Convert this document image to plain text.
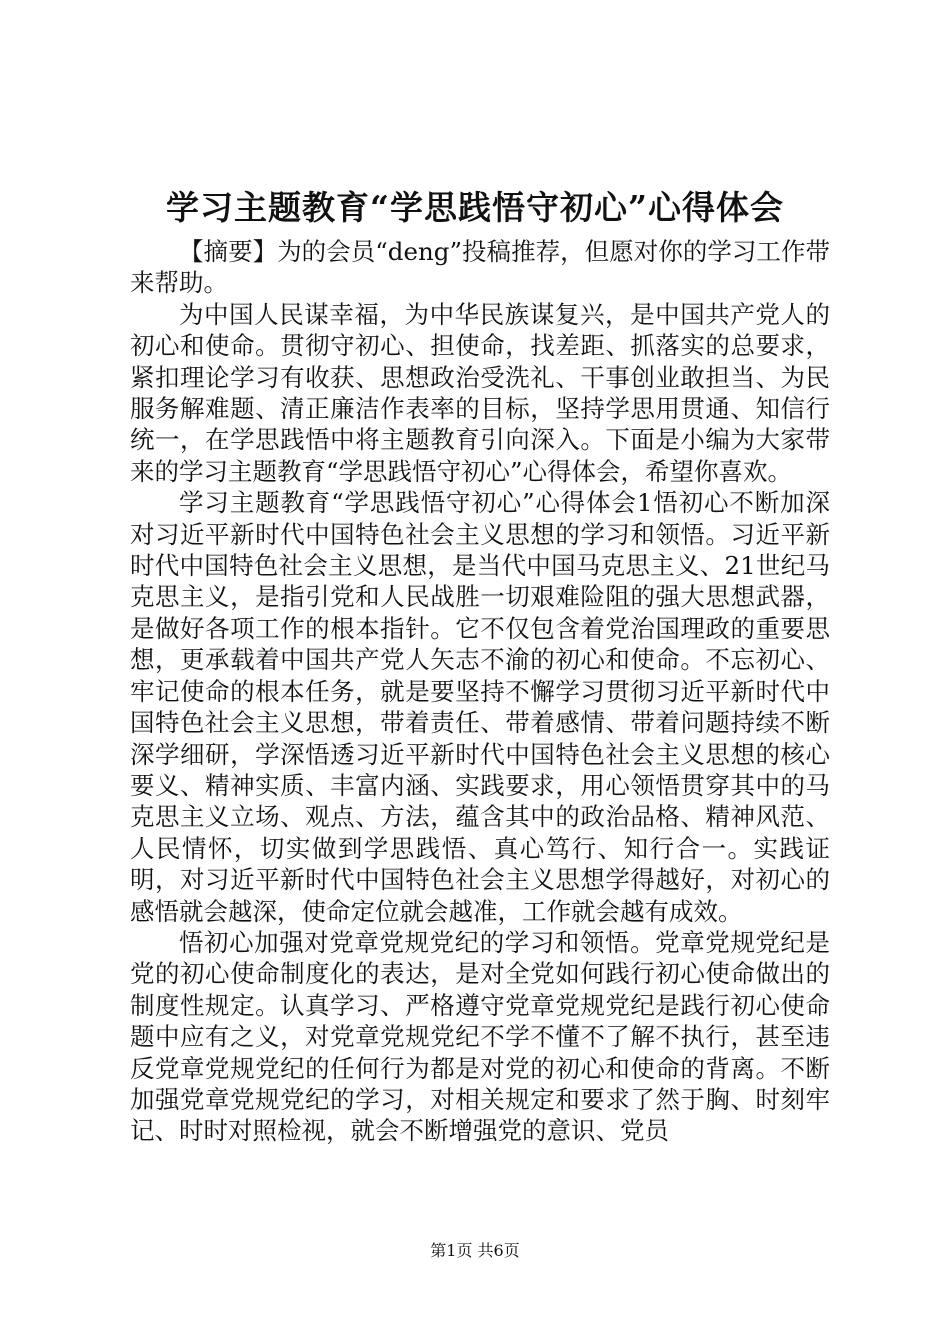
学习主题教育“学思践悟守初心”心得体会

【摘要】为的会员“deng”投稿推荐，但愿对你的学习工作带来帮助。

为中国人民谋幸福，为中华民族谋复兴，是中国共产党人的初心和使命。贯彻守初心、担使命，找差距、抓落实的总要求，紧扣理论学习有收获、思想政治受洗礼、干事创业敢担当、为民服务解难题、清正廉洁作表率的目标，坚持学思用贯通、知信行统一，在学思践悟中将主题教育引向深入。下面是小编为大家带来的学习主题教育“学思践悟守初心”心得体会，希望你喜欢。

学习主题教育“学思践悟守初心”心得体会1悟初心不断加深对习近平新时代中国特色社会主义思想的学习和领悟。习近平新时代中国特色社会主义思想，是当代中国马克思主义、21世纪马克思主义，是指引党和人民战胜一切艰难险阻的强大思想武器，是做好各项工作的根本指针。它不仅包含着党治国理政的重要思想，更承载着中国共产党人矢志不渝的初心和使命。不忘初心、牢记使命的根本任务，就是要坚持不懈学习贯彻习近平新时代中国特色社会主义思想，带着责任、带着感情、带着问题持续不断深学细研，学深悟透习近平新时代中国特色社会主义思想的核心要义、精神实质、丰富内涵、实践要求，用心领悟贯穿其中的马克思主义立场、观点、方法，蕴含其中的政治品格、精神风范、人民情怀，切实做到学思践悟、真心笃行、知行合一。实践证明，对习近平新时代中国特色社会主义思想学得越好，对初心的感悟就会越深，使命定位就会越准，工作就会越有成效。

悟初心加强对党章党规党纪的学习和领悟。党章党规党纪是党的初心使命制度化的表达，是对全党如何践行初心使命做出的制度性规定。认真学习、严格遵守党章党规党纪是践行初心使命题中应有之义，对党章党规党纪不学不懂不了解不执行，甚至违反党章党规党纪的任何行为都是对党的初心和使命的背离。不断加强党章党规党纪的学习，对相关规定和要求了然于胸、时刻牢记、时时对照检视，就会不断增强党的意识、党员

第1页 共6页
